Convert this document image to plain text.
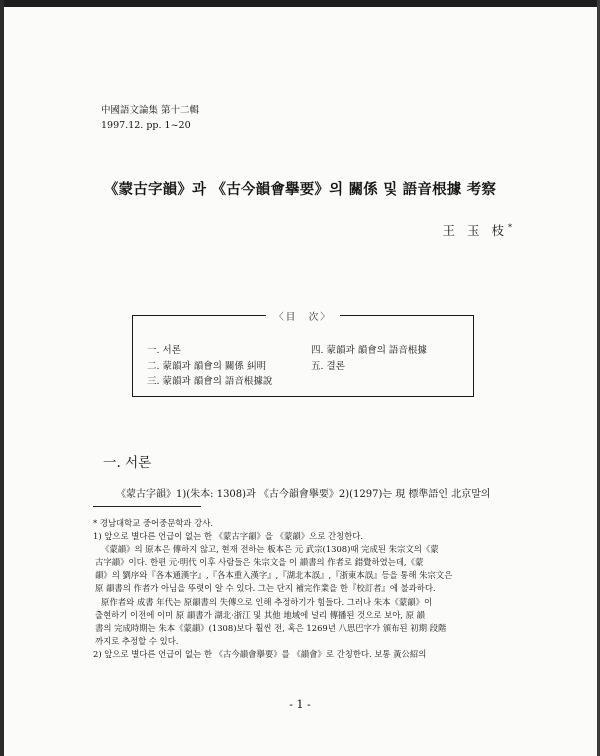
中國語文論集 第十二輯
1997.12. pp. 1~20
《蒙古字韻》과 《古今韻會擧要》의 關係 및 語音根據 考察
王 玉 枝*
〈目　次〉
一. 서론
二. 蒙韻과 韻會의 關係 糾明
三. 蒙韻과 韻會의 語音根據說
四. 蒙韻과 韻會의 語音根據
五. 결론
一. 서론
《蒙古字韻》1)(朱本: 1308)과 《古今韻會擧要》2)(1297)는 現 標準語인 北京말의

* 경남대학교 중어중문학과 강사.

1) 앞으로 별다른 언급이 없는 한 《蒙古字韻》을 《蒙韻》으로 간칭한다.

《蒙韻》의 原本은 傳하지 않고, 현재 전하는 板本은 元 武宗(1308)때 完成된 朱宗文의《蒙

古字韻》이다. 한편 元·明代 이후 사람들은 朱宗文을 이 韻書의 作者로 錯覺하였는데,《蒙

韻》의 劉序와『各本通漢字』,『各本重入漢字』,『湖北本誤』,『浙東本誤』등을 통해 朱宗文은

原 韻書의 作者가 아님을 뚜렷이 알 수 있다. 그는 단지 補完作業을 한『校訂者』에 불과하다.

原作者와 成書 年代는 原韻書의 失傳으로 인해 추정하기가 힘들다. 그러나 朱本《蒙韻》이

출현하기 이전에 이미 原 韻書가 湖北·浙江 및 其他 地域에 널리 傳播된 것으로 보아, 原 韻

書의 完成時期는 朱本《蒙韻》(1308)보다 훨씬 전, 혹은 1269년 八思巴字가 頒布된 初期 段階

까지로 추정할 수 있다.

2) 앞으로 별다른 언급이 없는 한 《古今韻會擧要》를 《韻會》로 간칭한다. 보통 黃公紹의

- 1 -
